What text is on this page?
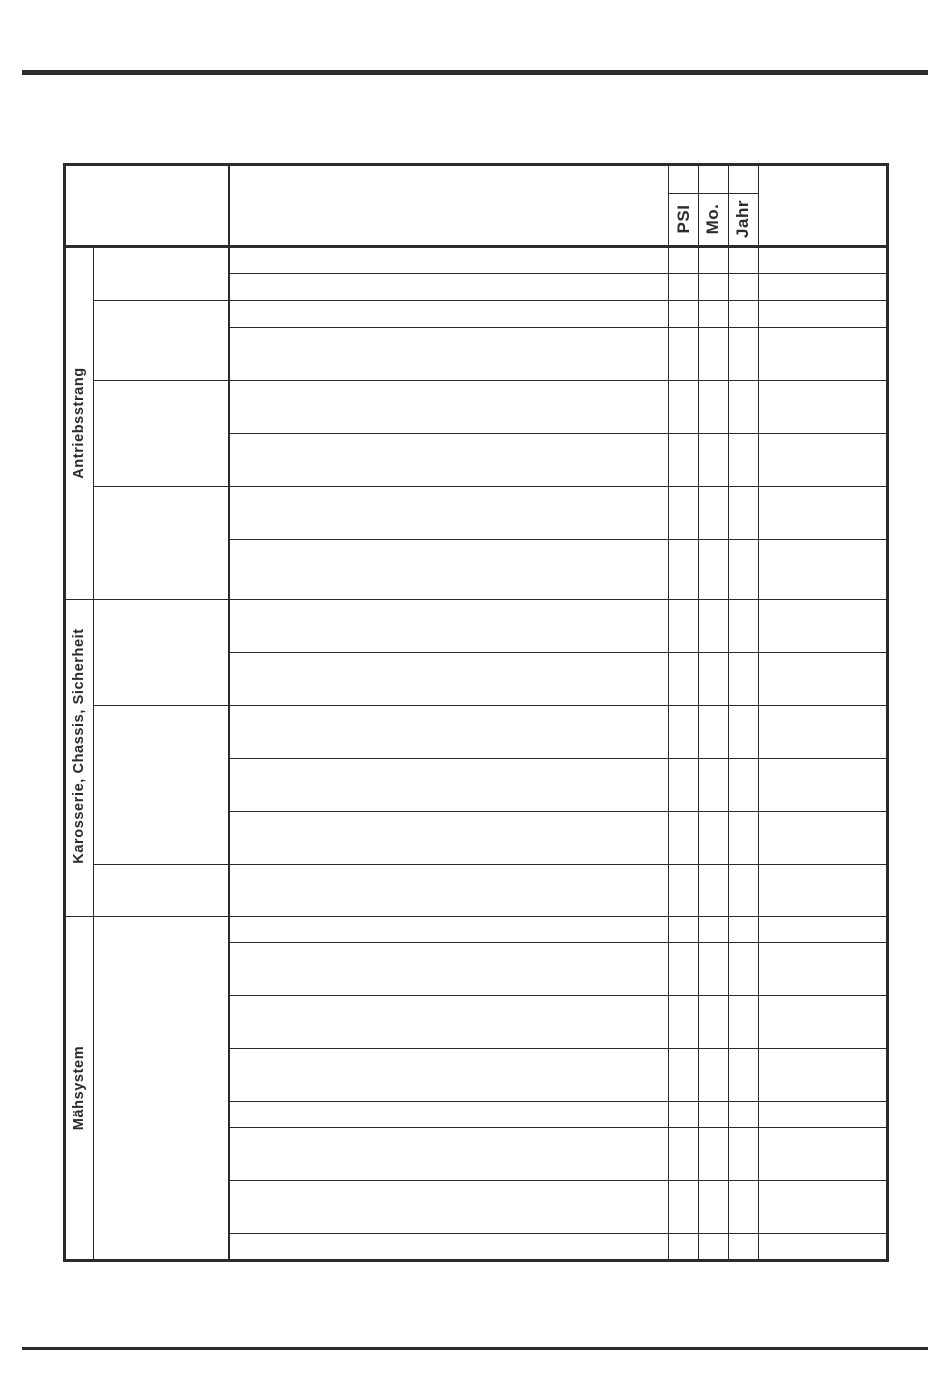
PSI Mo. Jahr
Antriebsstrang
Karosserie, Chassis, Sicherheit
Mähsystem
